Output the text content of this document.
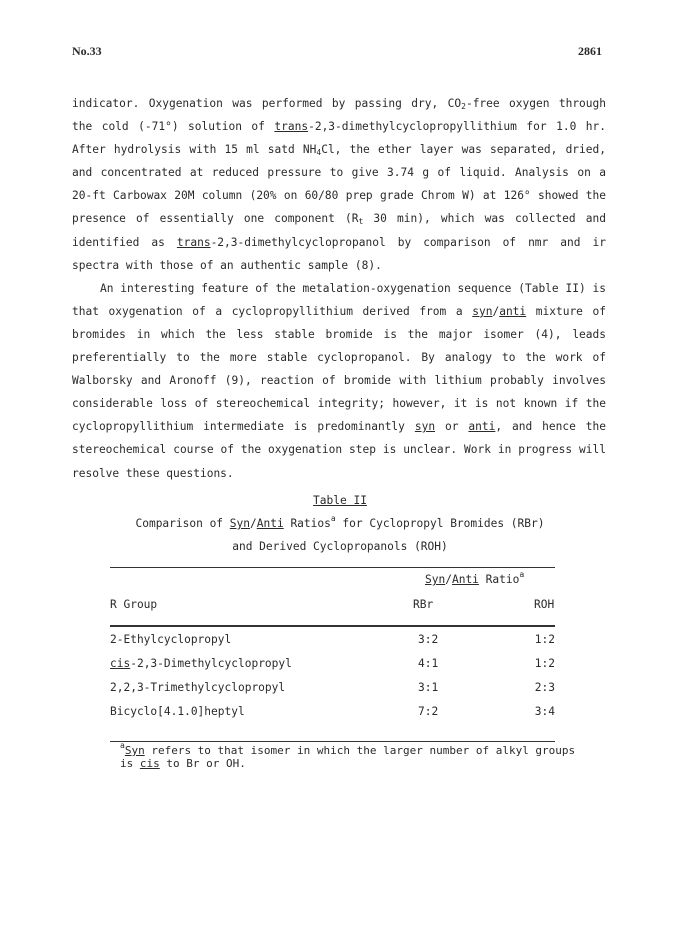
No.33	2861

indicator. Oxygenation was performed by passing dry, $CO_2$-free oxygen through the cold (-71°) solution of trans-2,3-dimethylcyclopropyllithium for 1.0 hr. After hydrolysis with 15 ml satd $NH_4Cl$, the ether layer was separated, dried, and concentrated at reduced pressure to give 3.74 g of liquid. Analysis on a 20-ft Carbowax 20M column (20% on 60/80 prep grade Chrom W) at 126° showed the presence of essentially one component ($R_t$ 30 min), which was collected and identified as trans-2,3-dimethylcyclopropanol by comparison of nmr and ir spectra with those of an authentic sample (8).

An interesting feature of the metalation-oxygenation sequence (Table II) is that oxygenation of a cyclopropyllithium derived from a syn/anti mixture of bromides in which the less stable bromide is the major isomer (4), leads preferentially to the more stable cyclopropanol. By analogy to the work of Walborsky and Aronoff (9), reaction of bromide with lithium probably involves considerable loss of stereochemical integrity; however, it is not known if the cyclopropyllithium intermediate is predominantly syn or anti, and hence the stereochemical course of the oxygenation step is unclear. Work in progress will resolve these questions.

Table II
Comparison of Syn/Anti Ratios$^a$ for Cyclopropyl Bromides (RBr)
and Derived Cyclopropanols (ROH)
Syn/Anti Ratio$^a$
R Group	RBr	ROH
2-Ethylcyclopropyl	3:2	1:2
cis-2,3-Dimethylcyclopropyl	4:1	1:2
2,2,3-Trimethylcyclopropyl	3:1	2:3
Bicyclo[4.1.0]heptyl	7:2	3:4
$^a$Syn refers to that isomer in which the larger number of alkyl groups is cis to Br or OH.
